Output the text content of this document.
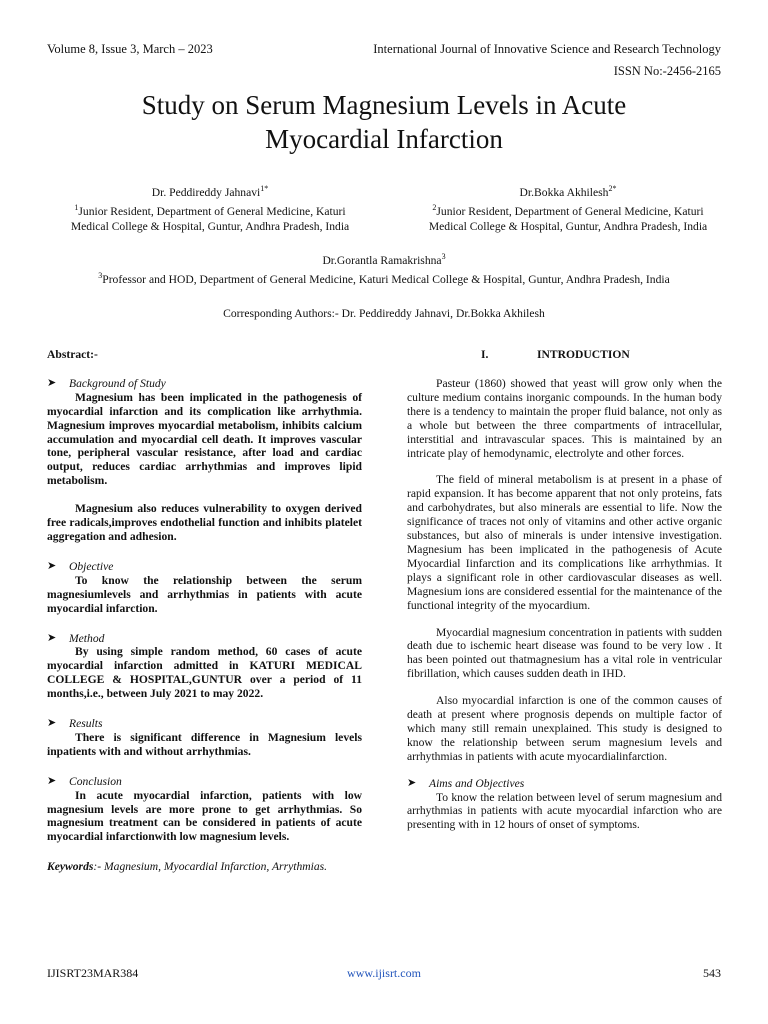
Volume 8, Issue 3, March – 2023	International Journal of Innovative Science and Research Technology
ISSN No:-2456-2165
Study on Serum Magnesium Levels in Acute
Myocardial Infarction
Dr. Peddireddy Jahnavi$^{1*}$
$^1$Junior Resident, Department of General Medicine, Katuri
Medical College & Hospital, Guntur, Andhra Pradesh, India
Dr.Bokka Akhilesh$^{2*}$
$^2$Junior Resident, Department of General Medicine, Katuri
Medical College & Hospital, Guntur, Andhra Pradesh, India
Dr.Gorantla Ramakrishna$^3$
$^3$Professor and HOD, Department of General Medicine, Katuri Medical College & Hospital, Guntur, Andhra Pradesh, India
Corresponding Authors:- Dr. Peddireddy Jahnavi, Dr.Bokka Akhilesh

Abstract:-

➤	Background of Study

Magnesium has been implicated in the pathogenesis of myocardial infarction and its complication like arrhythmia. Magnesium improves myocardial metabolism, inhibits calcium accumulation and myocardial cell death. It improves vascular tone, peripheral vascular resistance, after load and cardiac output, reduces cardiac arrhythmias and improves lipid metabolism.

Magnesium also reduces vulnerability to oxygen derived free radicals,improves endothelial function and inhibits platelet aggregation and adhesion.

➤	Objective

To know the relationship between the serum magnesiumlevels and arrhythmias in patients with acute myocardial infarction.

➤	Method

By using simple random method, 60 cases of acute myocardial infarction admitted in KATURI MEDICAL COLLEGE & HOSPITAL,GUNTUR over a period of 11 months,i.e., between July 2021 to may 2022.

➤	Results

There is significant difference in Magnesium levels inpatients with and without arrhythmias.

➤	Conclusion

In acute myocardial infarction, patients with low magnesium levels are more prone to get arrhythmias. So magnesium treatment can be considered in patients of acute myocardial infarctionwith low magnesium levels.

Keywords:- Magnesium, Myocardial Infarction, Arrythmias.

I.	INTRODUCTION

Pasteur (1860) showed that yeast will grow only when the culture medium contains inorganic compounds. In the human body there is a tendency to maintain the proper fluid balance, not only as a whole but between the three compartments of intracellular, interstitial and intravascular spaces. This is maintained by an intricate play of hemodynamic, electrolyte and other forces.

The field of mineral metabolism is at present in a phase of rapid expansion. It has become apparent that not only proteins, fats and carbohydrates, but also minerals are essential to life. Now the significance of traces not only of vitamins and other active organic substances, but also of minerals is under intensive investigation. Magnesium has been implicated in the pathogenesis of Acute Myocardial Iinfarction and its complications like arrhythmias. It plays a significant role in other cardiovascular diseases as well. Magnesium ions are considered essential for the maintenance of the functional integrity of the myocardium.

Myocardial magnesium concentration in patients with sudden death due to ischemic heart disease was found to be very low . It has been pointed out thatmagnesium has a vital role in ventricular fibrillation, which causes sudden death in IHD.

Also myocardial infarction is one of the common causes of death at present where prognosis depends on multiple factor of which many still remain unexplained. This study is designed to know the relationship between serum magnesium levels and arrhythmias in patients with acute myocardialinfarction.

➤	Aims and Objectives

To know the relation between level of serum magnesium and arrhythmias in patients with acute myocardial infarction who are presenting with in 12 hours of onset of symptoms.

IJISRT23MAR384	www.ijisrt.com	543
